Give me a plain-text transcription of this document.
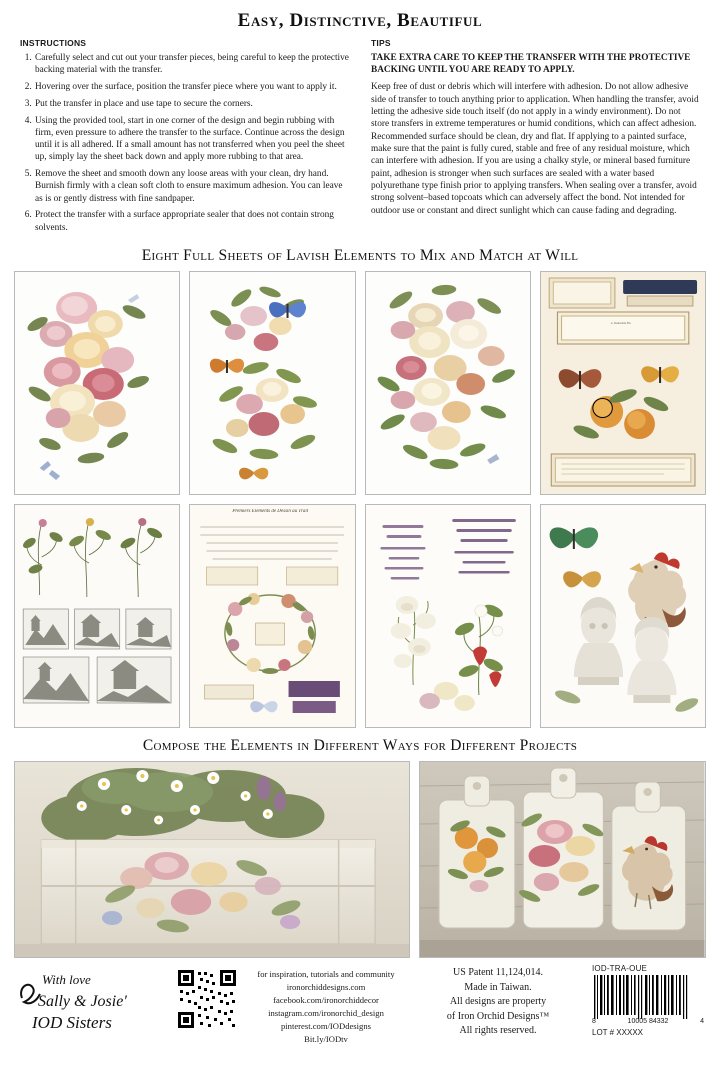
Easy, Distinctive, Beautiful
INSTRUCTIONS
1. Carefully select and cut out your transfer pieces, being careful to keep the protective backing material with the transfer.
2. Hovering over the surface, position the transfer piece where you want to apply it.
3. Put the transfer in place and use tape to secure the corners.
4. Using the provided tool, start in one corner of the design and begin rubbing with firm, even pressure to adhere the transfer to the surface. Continue across the design until it is all adhered. If a small amount has not transferred when you peel the sheet up, simply lay the sheet back down and apply more rubbing to that area.
5. Remove the sheet and smooth down any loose areas with your clean, dry hand. Burnish firmly with a clean soft cloth to ensure maximum adhesion. You can leave as is or gently distress with fine sandpaper.
6. Protect the transfer with a surface appropriate sealer that does not contain strong solvents.
TIPS
TAKE EXTRA CARE TO KEEP THE TRANSFER WITH THE PROTECTIVE BACKING UNTIL YOU ARE READY TO APPLY.
Keep free of dust or debris which will interfere with adhesion. Do not allow adhesive side of transfer to touch anything prior to application. When handling the transfer, avoid letting the adhesive side touch itself (do not apply in a windy environment). Do not store transfers in extreme temperatures or humid conditions, which can affect adhesion. Recommended surface should be clean, dry and flat. If applying to a painted surface, make sure that the paint is fully cured, stable and free of any residual moisture, which can interfere with adhesion. If you are using a chalky style, or mineral based furniture paint, adhesion is stronger when such surfaces are sealed with a water based polyurethane type finish prior to applying transfers. When sealing over a transfer, avoid strong solvent–based topcoats which can adversely affect the bond. Not intended for outdoor use or constant and direct sunlight which can cause fading and degrading.
Eight Full Sheets of Lavish Elements to Mix and Match at Will
G. Desmoulins Fils
Premiers Elements de Dessin au Trait
Compose the Elements in Different Ways for Different Projects
With love
Sally & Josie'
IOD Sisters
for inspiration, tutorials and community
ironorchiddesigns.com
facebook.com/ironorchiddecor
instagram.com/ironorchid_design
pinterest.com/IODdesigns
Bit.ly/IODtv
US Patent 11,124,014.
Made in Taiwan.
All designs are property
of Iron Orchid Designs™
All rights reserved.
IOD-TRA-OUE
8	10005 84332	4
LOT # XXXXX
